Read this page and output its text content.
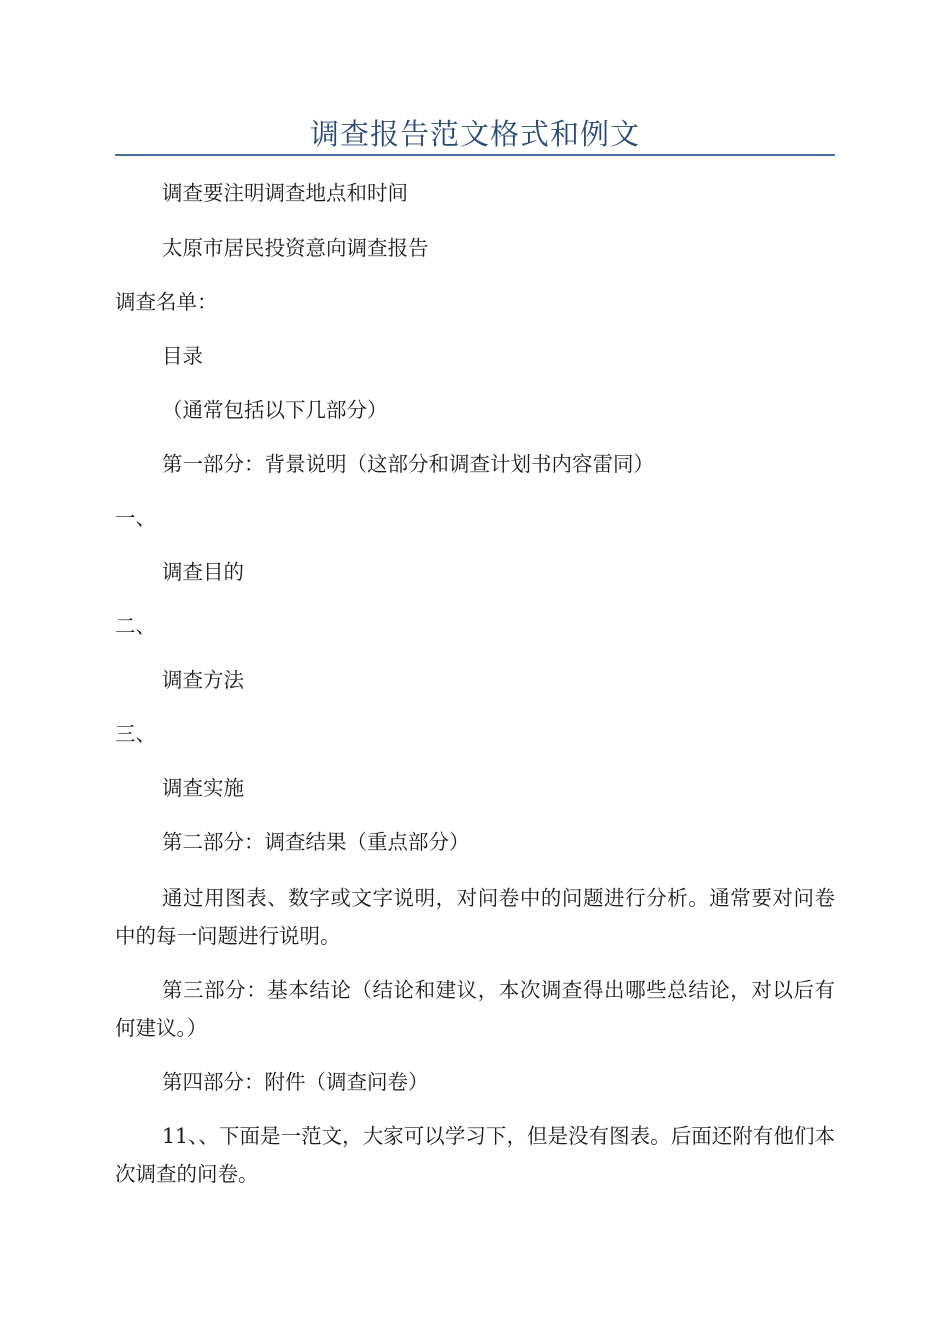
调查报告范文格式和例文
调查要注明调查地点和时间
太原市居民投资意向调查报告
调查名单：
目录
（通常包括以下几部分）
第一部分：背景说明（这部分和调查计划书内容雷同）
一、
调查目的
二、
调查方法
三、
调查实施
第二部分：调查结果（重点部分）
通过用图表、数字或文字说明，对问卷中的问题进行分析。通常要对问卷中的每一问题进行说明。
第三部分：基本结论（结论和建议，本次调查得出哪些总结论，对以后有何建议。）
第四部分：附件（调查问卷）
11、、下面是一范文，大家可以学习下，但是没有图表。后面还附有他们本次调查的问卷。
